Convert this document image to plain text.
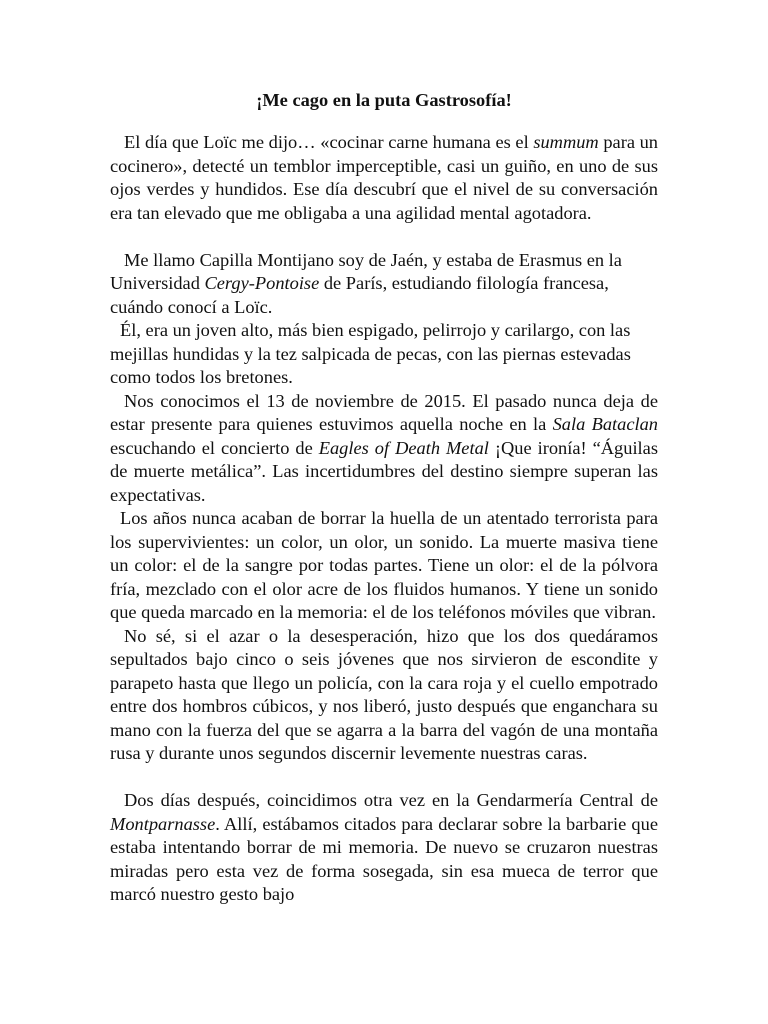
¡Me cago en la puta Gastrosofía!

El día que Loïc me dijo… «cocinar carne humana es el summum para un cocinero», detecté un temblor imperceptible, casi un guiño, en uno de sus ojos verdes y hundidos. Ese día descubrí que el nivel de su conversación era tan elevado que me obligaba a una agilidad mental agotadora.

Me llamo Capilla Montijano soy de Jaén, y estaba de Erasmus en la Universidad Cergy-Pontoise de París, estudiando filología francesa, cuándo conocí a Loïc.

Él, era un joven alto, más bien espigado, pelirrojo y carilargo, con las mejillas hundidas y la tez salpicada de pecas, con las piernas estevadas como todos los bretones.

Nos conocimos el 13 de noviembre de 2015. El pasado nunca deja de estar presente para quienes estuvimos aquella noche en la Sala Bataclan escuchando el concierto de Eagles of Death Metal ¡Que ironía! “Águilas de muerte metálica”. Las incertidumbres del destino siempre superan las expectativas.

Los años nunca acaban de borrar la huella de un atentado terrorista para los supervivientes: un color, un olor, un sonido. La muerte masiva tiene un color: el de la sangre por todas partes. Tiene un olor: el de la pólvora fría, mezclado con el olor acre de los fluidos humanos. Y tiene un sonido que queda marcado en la memoria: el de los teléfonos móviles que vibran.

No sé, si el azar o la desesperación, hizo que los dos quedáramos sepultados bajo cinco o seis jóvenes que nos sirvieron de escondite y parapeto hasta que llego un policía, con la cara roja y el cuello empotrado entre dos hombros cúbicos, y nos liberó, justo después que enganchara su mano con la fuerza del que se agarra a la barra del vagón de una montaña rusa y durante unos segundos discernir levemente nuestras caras.

Dos días después, coincidimos otra vez en la Gendarmería Central de Montparnasse. Allí, estábamos citados para declarar sobre la barbarie que estaba intentando borrar de mi memoria. De nuevo se cruzaron nuestras miradas pero esta vez de forma sosegada, sin esa mueca de terror que marcó nuestro gesto bajo
